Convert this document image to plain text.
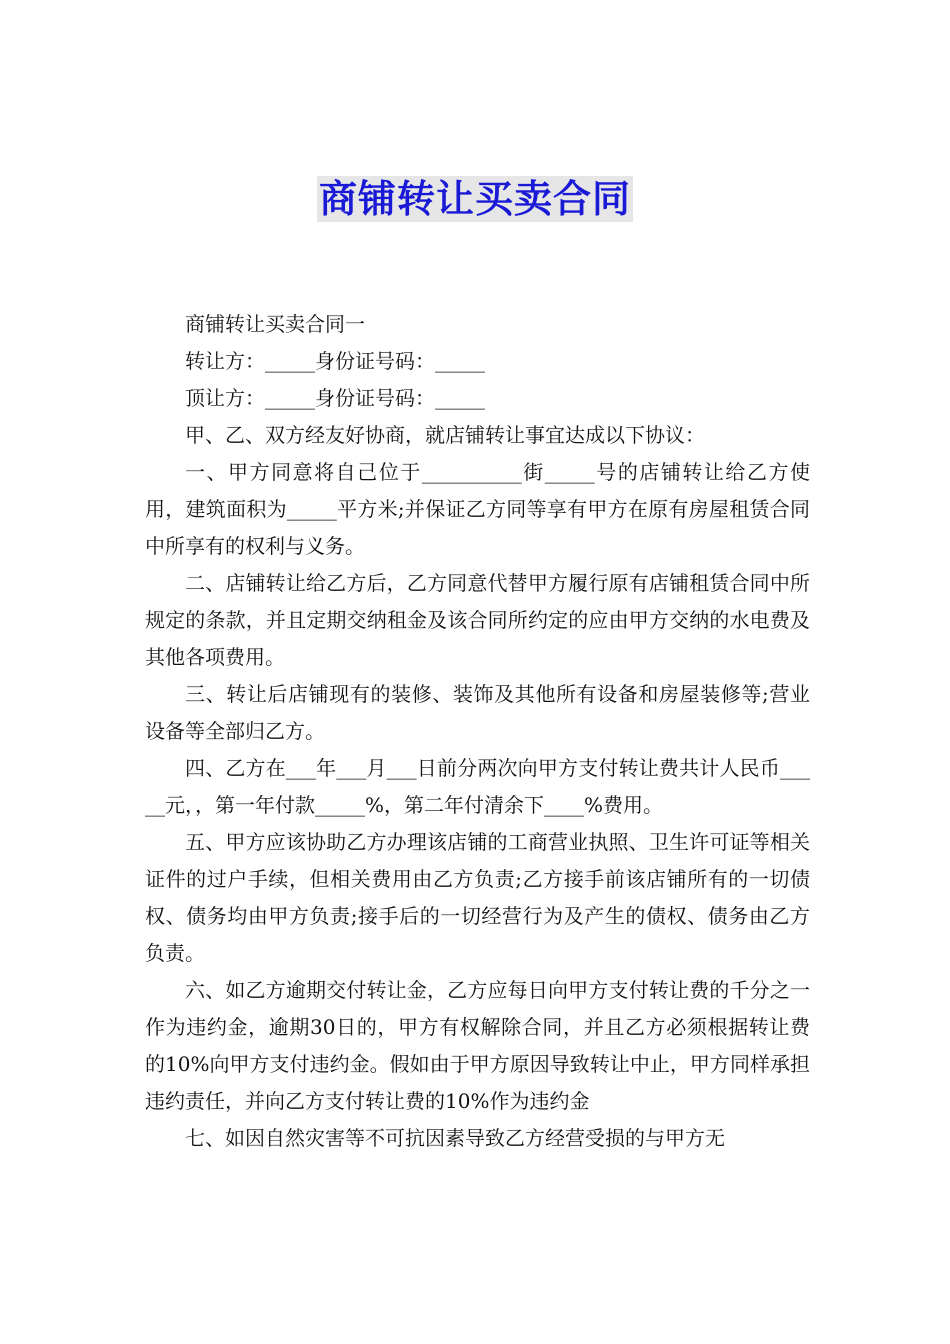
商铺转让买卖合同

商铺转让买卖合同一

转让方：_____身份证号码：_____

顶让方：_____身份证号码：_____

甲、乙、双方经友好协商，就店铺转让事宜达成以下协议：

一、甲方同意将自己位于__________街_____号的店铺转让给乙方使用，建筑面积为_____平方米;并保证乙方同等享有甲方在原有房屋租赁合同中所享有的权利与义务。

二、店铺转让给乙方后，乙方同意代替甲方履行原有店铺租赁合同中所规定的条款，并且定期交纳租金及该合同所约定的应由甲方交纳的水电费及其他各项费用。

三、转让后店铺现有的装修、装饰及其他所有设备和房屋装修等;营业设备等全部归乙方。

四、乙方在___年___月___日前分两次向甲方支付转让费共计人民币_____元，，第一年付款_____%，第二年付清余下____%费用。

五、甲方应该协助乙方办理该店铺的工商营业执照、卫生许可证等相关证件的过户手续，但相关费用由乙方负责;乙方接手前该店铺所有的一切债权、债务均由甲方负责;接手后的一切经营行为及产生的债权、债务由乙方负责。

六、如乙方逾期交付转让金，乙方应每日向甲方支付转让费的千分之一作为违约金，逾期30日的，甲方有权解除合同，并且乙方必须根据转让费的10%向甲方支付违约金。假如由于甲方原因导致转让中止，甲方同样承担违约责任，并向乙方支付转让费的10%作为违约金

七、如因自然灾害等不可抗因素导致乙方经营受损的与甲方无
